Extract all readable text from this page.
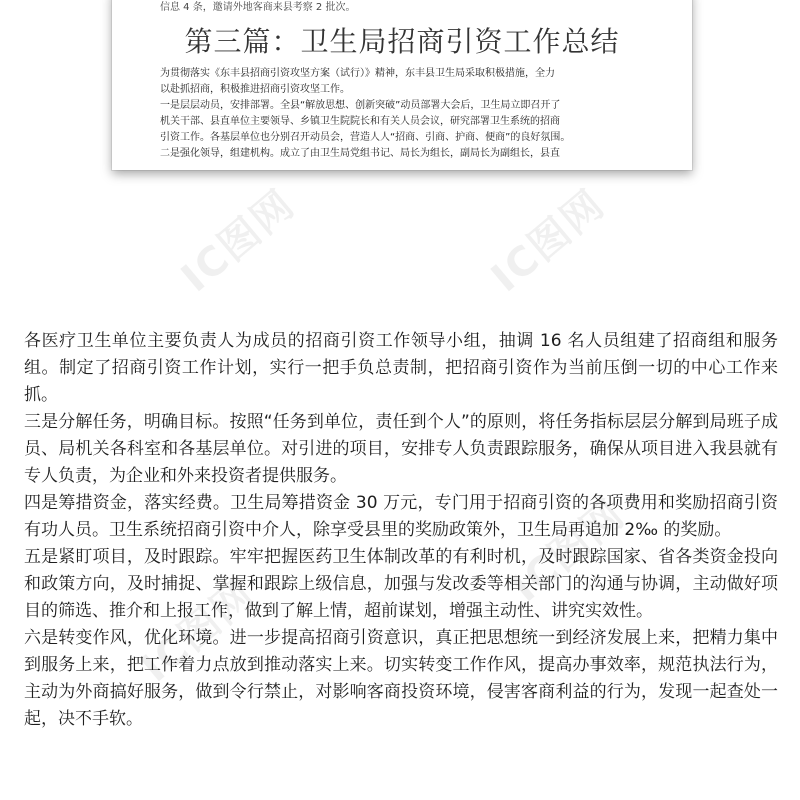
IC图网	IC图网
IC图网
IC图网
信息 4 条，邀请外地客商来县考察 2 批次。
第三篇：卫生局招商引资工作总结

为贯彻落实《东丰县招商引资攻坚方案（试行）》精神，东丰县卫生局采取积极措施，全力

以赴抓招商，积极推进招商引资攻坚工作。

一是层层动员，安排部署。全县“解放思想、创新突破”动员部署大会后，卫生局立即召开了

机关干部、县直单位主要领导、乡镇卫生院院长和有关人员会议，研究部署卫生系统的招商

引资工作。各基层单位也分别召开动员会，营造人人“招商、引商、护商、便商”的良好氛围。

二是强化领导，组建机构。成立了由卫生局党组书记、局长为组长，副局长为副组长，县直

各医疗卫生单位主要负责人为成员的招商引资工作领导小组，抽调 16 名人员组建了招商组和服务组。制定了招商引资工作计划，实行一把手负总责制，把招商引资作为当前压倒一切的中心工作来抓。

三是分解任务，明确目标。按照“任务到单位，责任到个人”的原则，将任务指标层层分解到局班子成员、局机关各科室和各基层单位。对引进的项目，安排专人负责跟踪服务，确保从项目进入我县就有专人负责，为企业和外来投资者提供服务。

四是筹措资金，落实经费。卫生局筹措资金 30 万元，专门用于招商引资的各项费用和奖励招商引资有功人员。卫生系统招商引资中介人，除享受县里的奖励政策外，卫生局再追加 2‰ 的奖励。

五是紧盯项目，及时跟踪。牢牢把握医药卫生体制改革的有利时机，及时跟踪国家、省各类资金投向和政策方向，及时捕捉、掌握和跟踪上级信息，加强与发改委等相关部门的沟通与协调，主动做好项目的筛选、推介和上报工作，做到了解上情，超前谋划，增强主动性、讲究实效性。

六是转变作风，优化环境。进一步提高招商引资意识，真正把思想统一到经济发展上来，把精力集中到服务上来，把工作着力点放到推动落实上来。切实转变工作作风，提高办事效率，规范执法行为，主动为外商搞好服务，做到令行禁止，对影响客商投资环境，侵害客商利益的行为，发现一起查处一起，决不手软。
